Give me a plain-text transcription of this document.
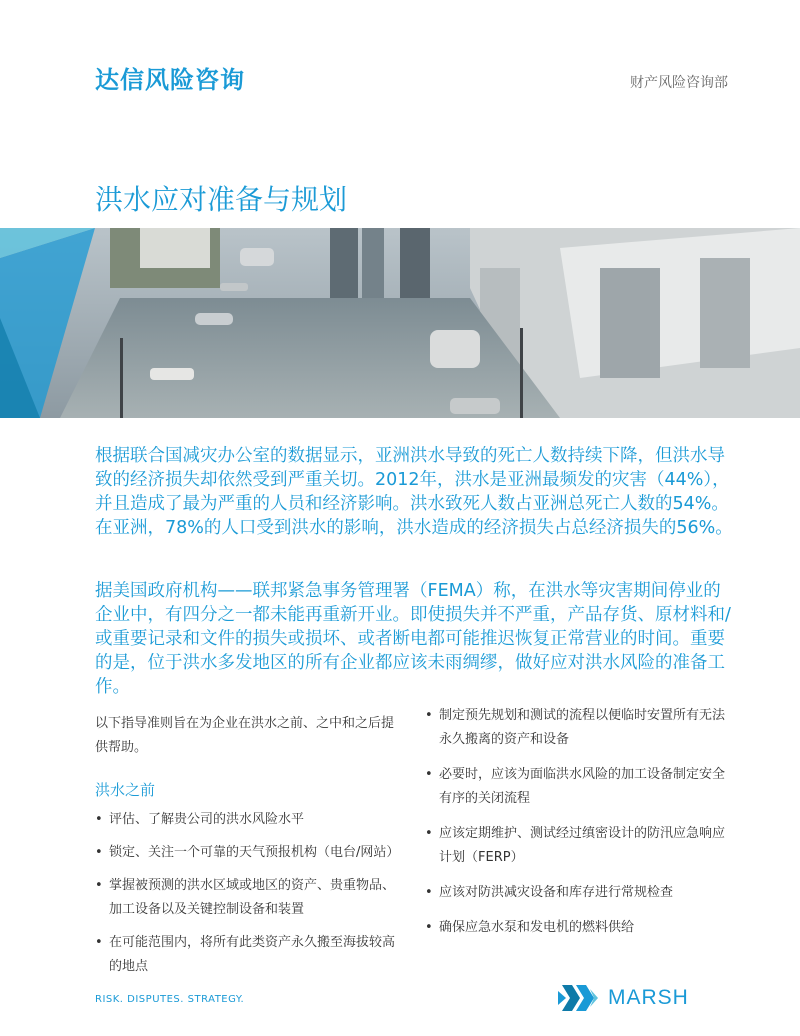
达信风险咨询	财产风险咨询部
洪水应对准备与规划

根据联合国减灾办公室的数据显示，亚洲洪水导致的死亡人数持续下降，但洪水导致的经济损失却依然受到严重关切。2012年，洪水是亚洲最频发的灾害（44%），并且造成了最为严重的人员和经济影响。洪水致死人数占亚洲总死亡人数的54%。在亚洲，78%的人口受到洪水的影响，洪水造成的经济损失占总经济损失的56%。

据美国政府机构——联邦紧急事务管理署（FEMA）称，在洪水等灾害期间停业的企业中，有四分之一都未能再重新开业。即使损失并不严重，产品存货、原材料和/或重要记录和文件的损失或损坏、或者断电都可能推迟恢复正常营业的时间。重要的是，位于洪水多发地区的所有企业都应该未雨绸缪，做好应对洪水风险的准备工作。

以下指导准则旨在为企业在洪水之前、之中和之后提供帮助。

洪水之前
• 评估、了解贵公司的洪水风险水平
• 锁定、关注一个可靠的天气预报机构（电台/网站）
• 掌握被预测的洪水区域或地区的资产、贵重物品、加工设备以及关键控制设备和装置
• 在可能范围内，将所有此类资产永久搬至海拔较高的地点
• 制定预先规划和测试的流程以便临时安置所有无法永久搬离的资产和设备
• 必要时，应该为面临洪水风险的加工设备制定安全有序的关闭流程
• 应该定期维护、测试经过缜密设计的防汛应急响应计划（FERP）
• 应该对防洪减灾设备和库存进行常规检查
• 确保应急水泵和发电机的燃料供给
RISK. DISPUTES. STRATEGY.	MARSH
